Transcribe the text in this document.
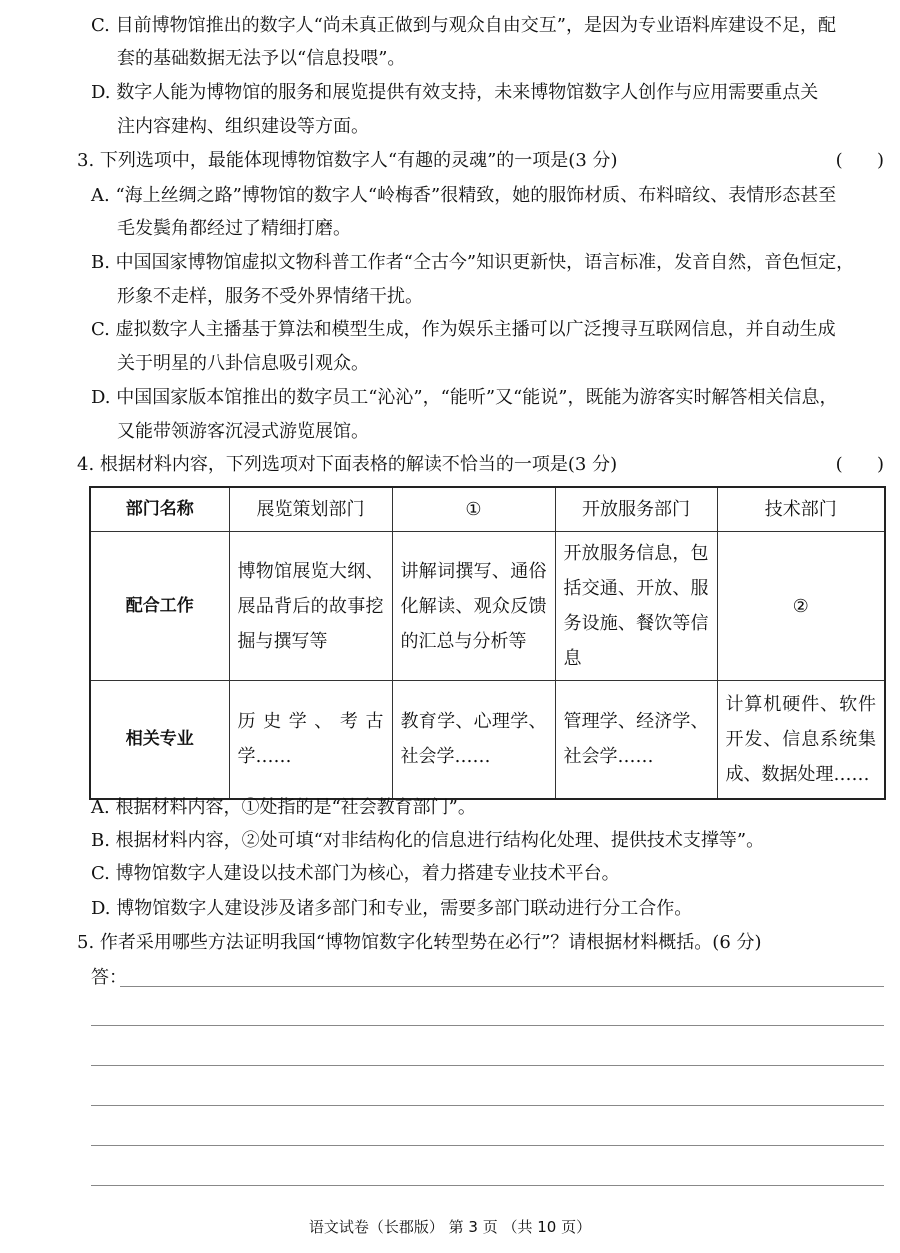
C. 目前博物馆推出的数字人“尚未真正做到与观众自由交互”，是因为专业语料库建设不足，配
套的基础数据无法予以“信息投喂”。
D. 数字人能为博物馆的服务和展览提供有效支持，未来博物馆数字人创作与应用需要重点关
注内容建构、组织建设等方面。
3. 下列选项中，最能体现博物馆数字人“有趣的灵魂”的一项是(3 分)	(      )
A. “海上丝绸之路”博物馆的数字人“岭梅香”很精致，她的服饰材质、布料暗纹、表情形态甚至
毛发鬓角都经过了精细打磨。
B. 中国国家博物馆虚拟文物科普工作者“仝古今”知识更新快，语言标准，发音自然，音色恒定，
形象不走样，服务不受外界情绪干扰。
C. 虚拟数字人主播基于算法和模型生成，作为娱乐主播可以广泛搜寻互联网信息，并自动生成
关于明星的八卦信息吸引观众。
D. 中国国家版本馆推出的数字员工“沁沁”，“能听”又“能说”，既能为游客实时解答相关信息，
又能带领游客沉浸式游览展馆。
4. 根据材料内容，下列选项对下面表格的解读不恰当的一项是(3 分)	(      )
部门名称	展览策划部门	①	开放服务部门	技术部门
配合工作	博物馆展览大纲、展品背后的故事挖掘与撰写等	讲解词撰写、通俗化解读、观众反馈的汇总与分析等	开放服务信息，包括交通、开放、服务设施、餐饮等信息	②
相关专业	历史学、考古学……	教育学、心理学、社会学……	管理学、经济学、社会学……	计算机硬件、软件开发、信息系统集成、数据处理……
A. 根据材料内容，①处指的是“社会教育部门”。
B. 根据材料内容，②处可填“对非结构化的信息进行结构化处理、提供技术支撑等”。
C. 博物馆数字人建设以技术部门为核心，着力搭建专业技术平台。
D. 博物馆数字人建设涉及诸多部门和专业，需要多部门联动进行分工合作。
5. 作者采用哪些方法证明我国“博物馆数字化转型势在必行”？请根据材料概括。(6 分)
答：
语文试卷（长郡版） 第 3 页 （共 10 页）
